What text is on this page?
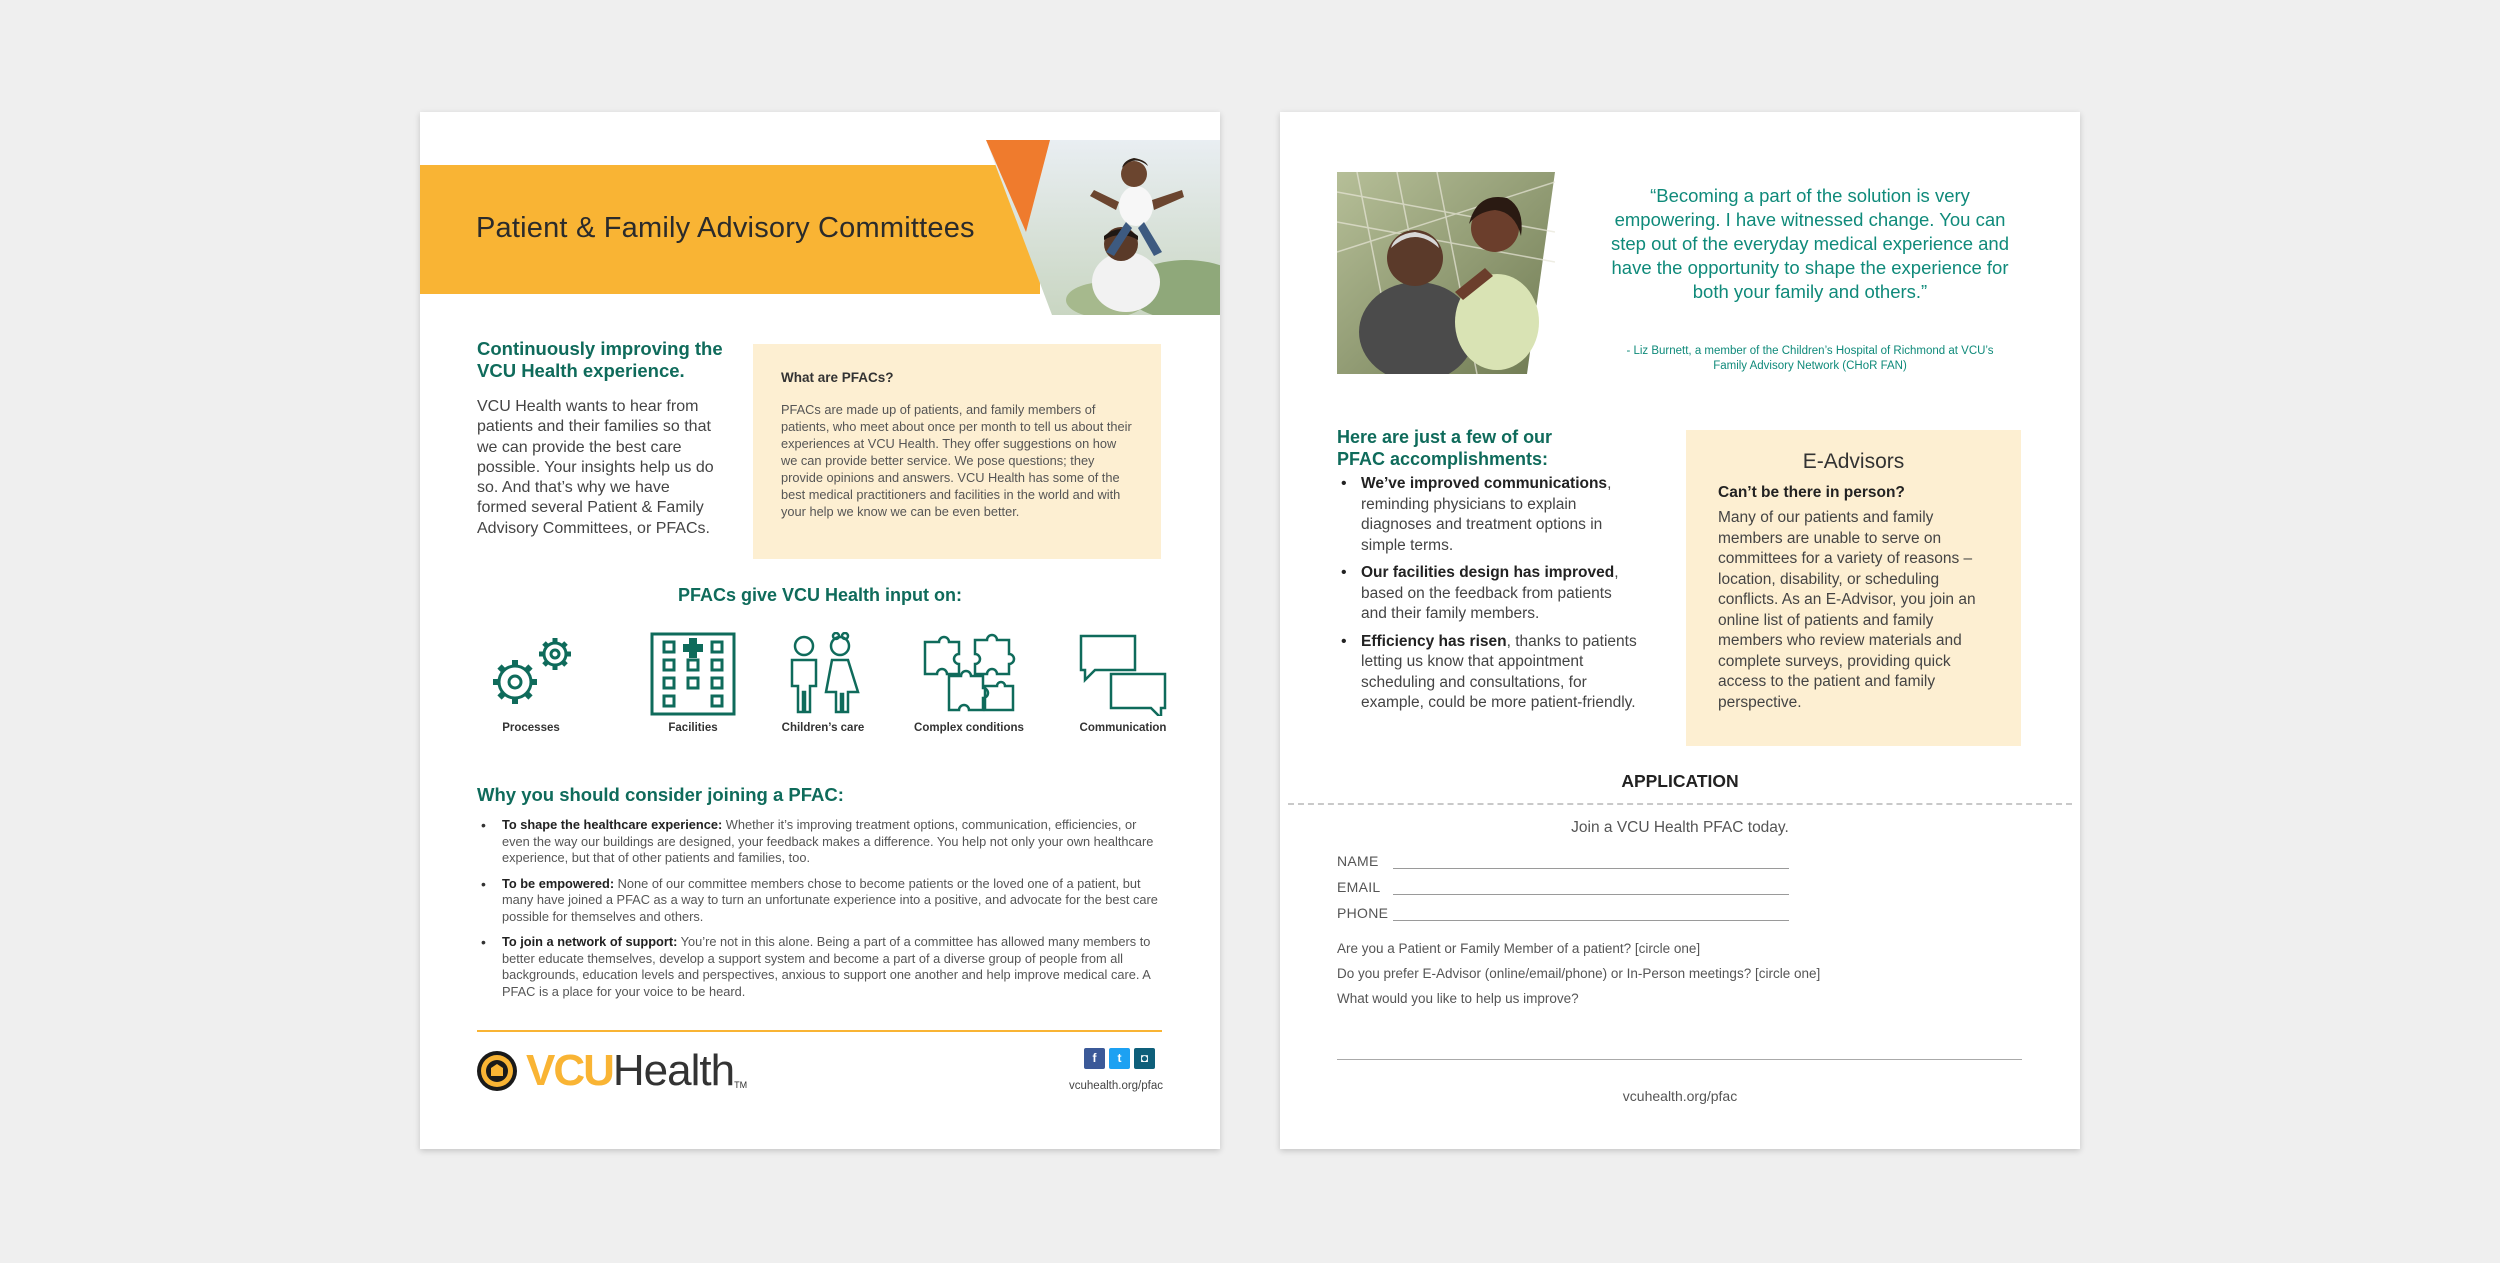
Patient & Family Advisory Committees
Continuously improving the VCU Health experience.
VCU Health wants to hear from patients and their families so that we can provide the best care possible. Your insights help us do so. And that’s why we have formed several Patient & Family Advisory Committees, or PFACs.
What are PFACs?
PFACs are made up of patients, and family members of patients, who meet about once per month to tell us about their experiences at VCU Health. They offer suggestions on how we can provide better service. We pose questions; they provide opinions and answers. VCU Health has some of the best medical practitioners and facilities in the world and with your help we know we can be even better.
PFACs give VCU Health input on:
Processes	Facilities	Children’s care	Complex conditions	Communication
Why you should consider joining a PFAC:
• To shape the healthcare experience: Whether it’s improving treatment options, communication, efficiencies, or even the way our buildings are designed, your feedback makes a difference. You help not only your own healthcare experience, but that of other patients and families, too.
• To be empowered: None of our committee members chose to become patients or the loved one of a patient, but many have joined a PFAC as a way to turn an unfortunate experience into a positive, and advocate for the best care possible for themselves and others.
• To join a network of support: You’re not in this alone. Being a part of a committee has allowed many members to better educate themselves, develop a support system and become a part of a diverse group of people from all backgrounds, education levels and perspectives, anxious to support one another and help improve medical care. A PFAC is a place for your voice to be heard.
VCU Health TM
f	t	◘
vcuhealth.org/pfac
“Becoming a part of the solution is very empowering. I have witnessed change. You can step out of the everyday medical experience and have the opportunity to shape the experience for both your family and others.”
- Liz Burnett, a member of the Children’s Hospital of Richmond at VCU’s Family Advisory Network (CHoR FAN)
Here are just a few of our PFAC accomplishments:
• We’ve improved communications, reminding physicians to explain diagnoses and treatment options in simple terms.
• Our facilities design has improved, based on the feedback from patients and their family members.
• Efficiency has risen, thanks to patients letting us know that appointment scheduling and consultations, for example, could be more patient-friendly.
E-Advisors
Can’t be there in person?
Many of our patients and family members are unable to serve on committees for a variety of reasons – location, disability, or scheduling conflicts. As an E-Advisor, you join an online list of patients and family members who review materials and complete surveys, providing quick access to the patient and family perspective.
APPLICATION
Join a VCU Health PFAC today.
NAME
EMAIL
PHONE
Are you a Patient or Family Member of a patient? [circle one]
Do you prefer E-Advisor (online/email/phone) or In-Person meetings? [circle one]
What would you like to help us improve?
vcuhealth.org/pfac
